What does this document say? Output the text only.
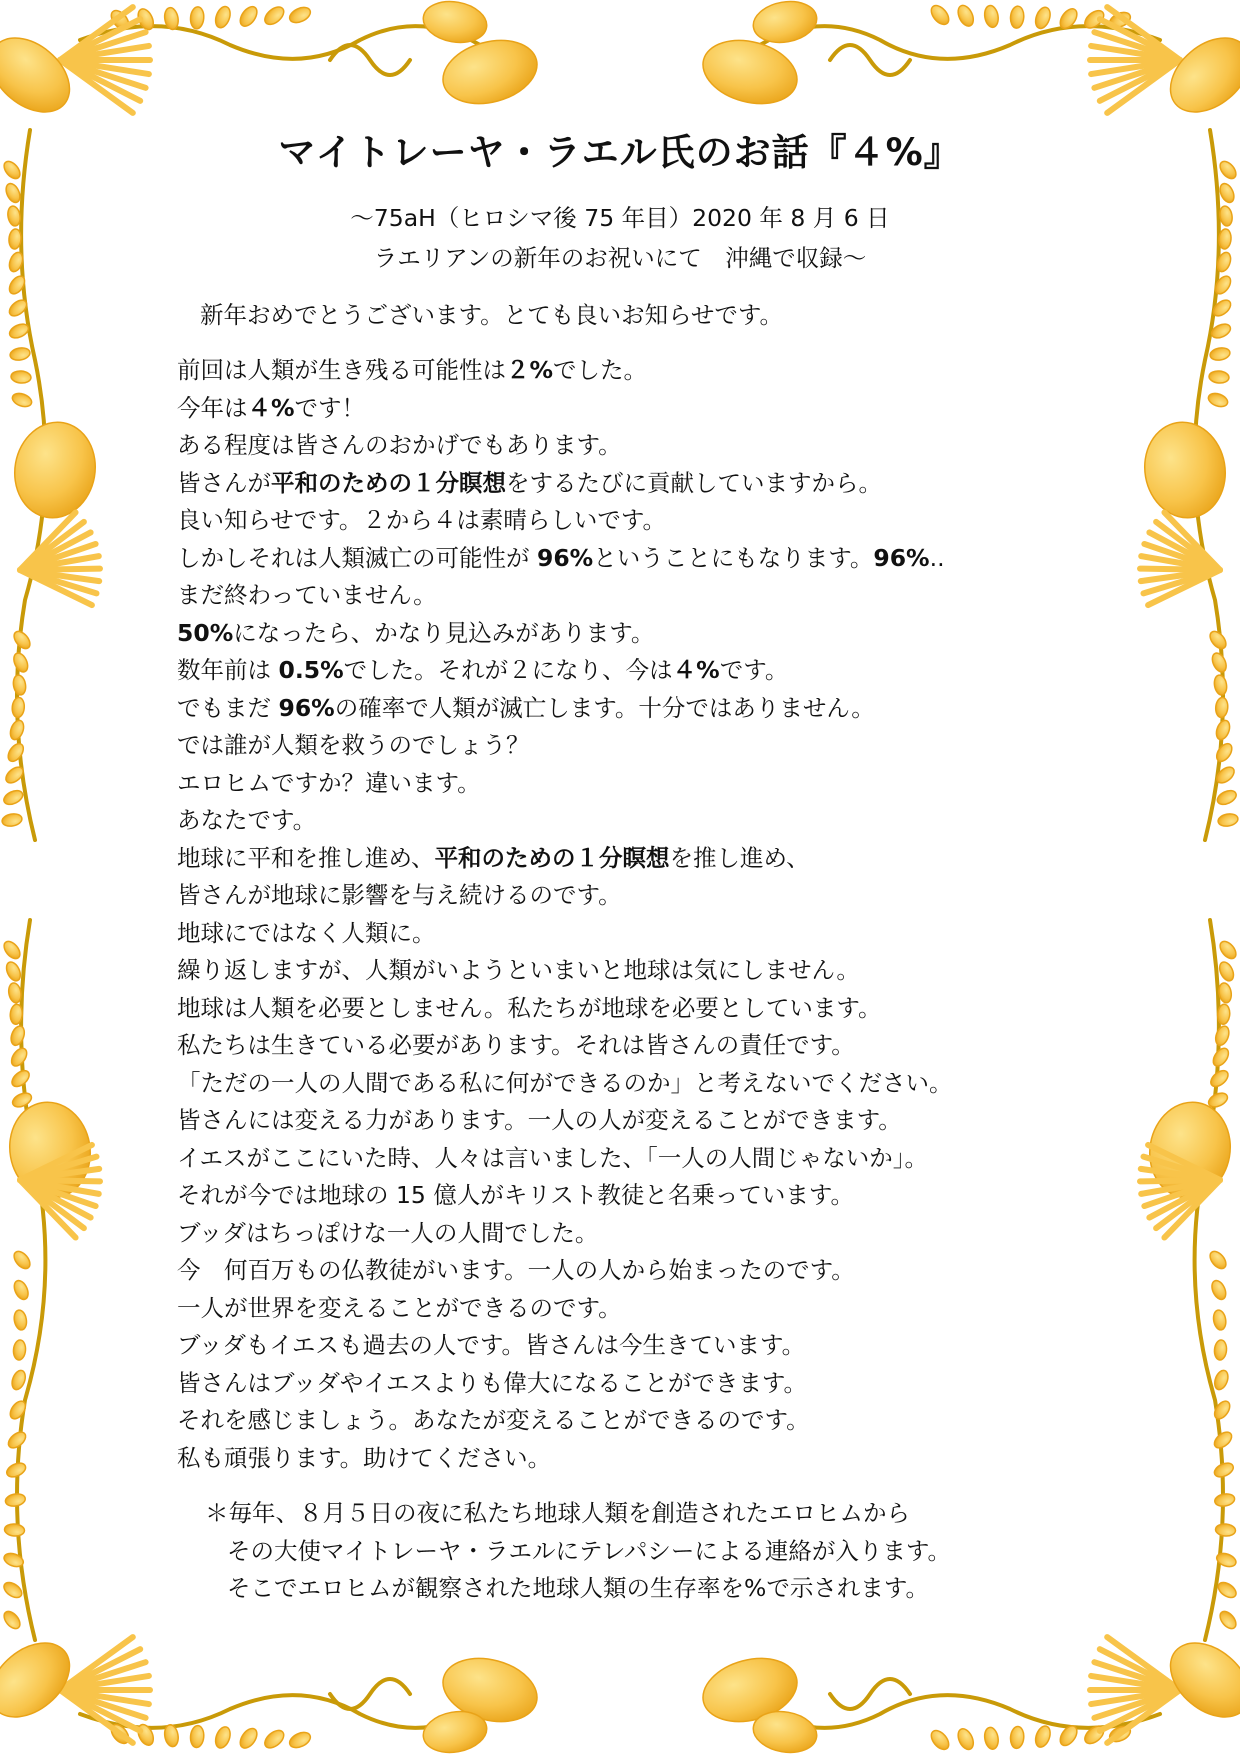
マイトレーヤ・ラエル氏のお話『４%』

～75aH（ヒロシマ後 75 年目）2020 年 8 月 6 日

ラエリアンの新年のお祝いにて　沖縄で収録～

新年おめでとうございます。とても良いお知らせです。

前回は人類が生き残る可能性は２%でした。
今年は４%です！
ある程度は皆さんのおかげでもあります。
皆さんが平和のための１分瞑想をするたびに貢献していますから。
良い知らせです。２から４は素晴らしいです。
しかしそれは人類滅亡の可能性が 96%ということにもなります。96%..
まだ終わっていません。
50%になったら、かなり見込みがあります。
数年前は 0.5%でした。それが２になり、今は４%です。
でもまだ 96%の確率で人類が滅亡します。十分ではありません。
では誰が人類を救うのでしょう？
エロヒムですか？違います。
あなたです。
地球に平和を推し進め、平和のための１分瞑想を推し進め、
皆さんが地球に影響を与え続けるのです。
地球にではなく人類に。
繰り返しますが、人類がいようといまいと地球は気にしません。
地球は人類を必要としません。私たちが地球を必要としています。
私たちは生きている必要があります。それは皆さんの責任です。
「ただの一人の人間である私に何ができるのか」と考えないでください。
皆さんには変える力があります。一人の人が変えることができます。
イエスがここにいた時、人々は言いました、「一人の人間じゃないか」。
それが今では地球の 15 億人がキリスト教徒と名乗っています。
ブッダはちっぽけな一人の人間でした。
今　何百万もの仏教徒がいます。一人の人から始まったのです。
一人が世界を変えることができるのです。
ブッダもイエスも過去の人です。皆さんは今生きています。
皆さんはブッダやイエスよりも偉大になることができます。
それを感じましょう。あなたが変えることができるのです。
私も頑張ります。助けてください。
＊毎年、８月５日の夜に私たち地球人類を創造されたエロヒムから
その大使マイトレーヤ・ラエルにテレパシーによる連絡が入ります。
そこでエロヒムが観察された地球人類の生存率を%で示されます。
